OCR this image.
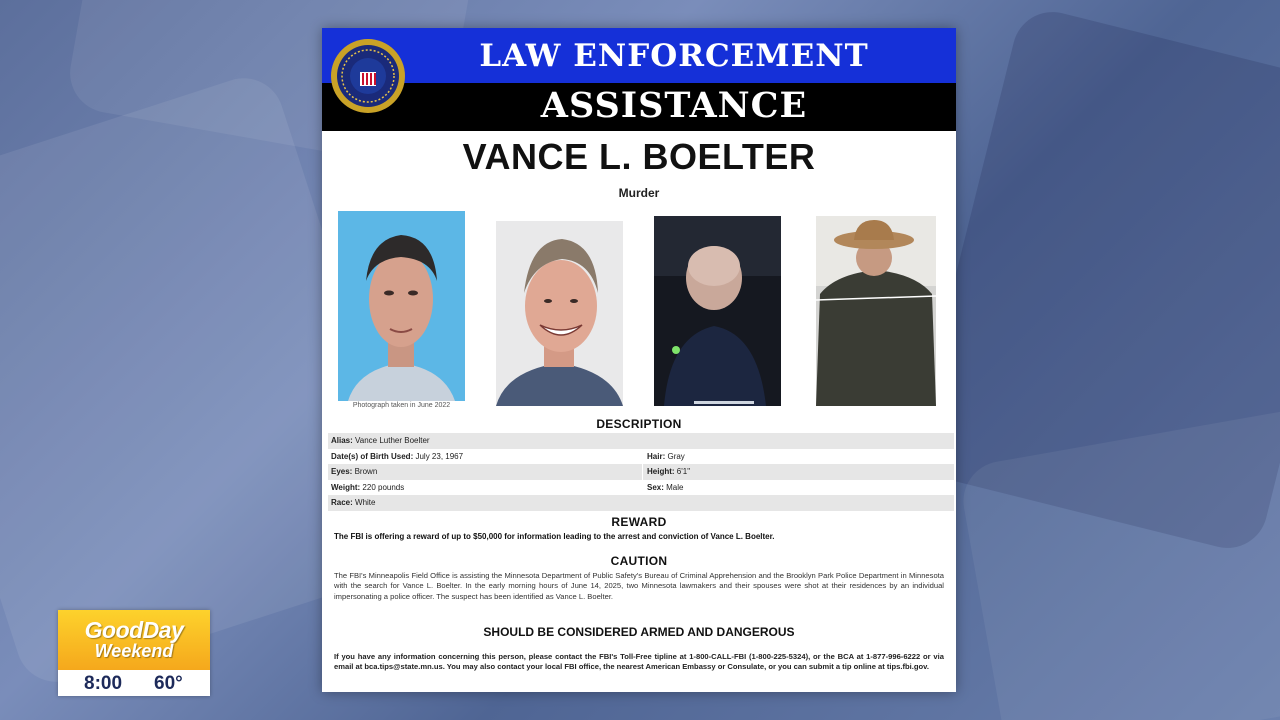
LAW ENFORCEMENT
ASSISTANCE
VANCE L. BOELTER
Murder
Photograph taken in June 2022
DESCRIPTION
Alias: Vance Luther Boelter
Date(s) of Birth Used: July 23, 1967	Hair: Gray
Eyes: Brown	Height: 6'1"
Weight: 220 pounds	Sex: Male
Race: White
REWARD
The FBI is offering a reward of up to $50,000 for information leading to the arrest and conviction of Vance L. Boelter.
CAUTION
The FBI's Minneapolis Field Office is assisting the Minnesota Department of Public Safety's Bureau of Criminal Apprehension and the Brooklyn Park Police Department in Minnesota with the search for Vance L. Boelter. In the early morning hours of June 14, 2025, two Minnesota lawmakers and their spouses were shot at their residences by an individual impersonating a police officer. The suspect has been identified as Vance L. Boelter.
SHOULD BE CONSIDERED ARMED AND DANGEROUS
If you have any information concerning this person, please contact the FBI's Toll-Free tipline at 1-800-CALL-FBI (1-800-225-5324), or the BCA at 1-877-996-6222 or via email at bca.tips@state.mn.us. You may also contact your local FBI office, the nearest American Embassy or Consulate, or you can submit a tip online at tips.fbi.gov.
GoodDay
Weekend
8:00 60°
